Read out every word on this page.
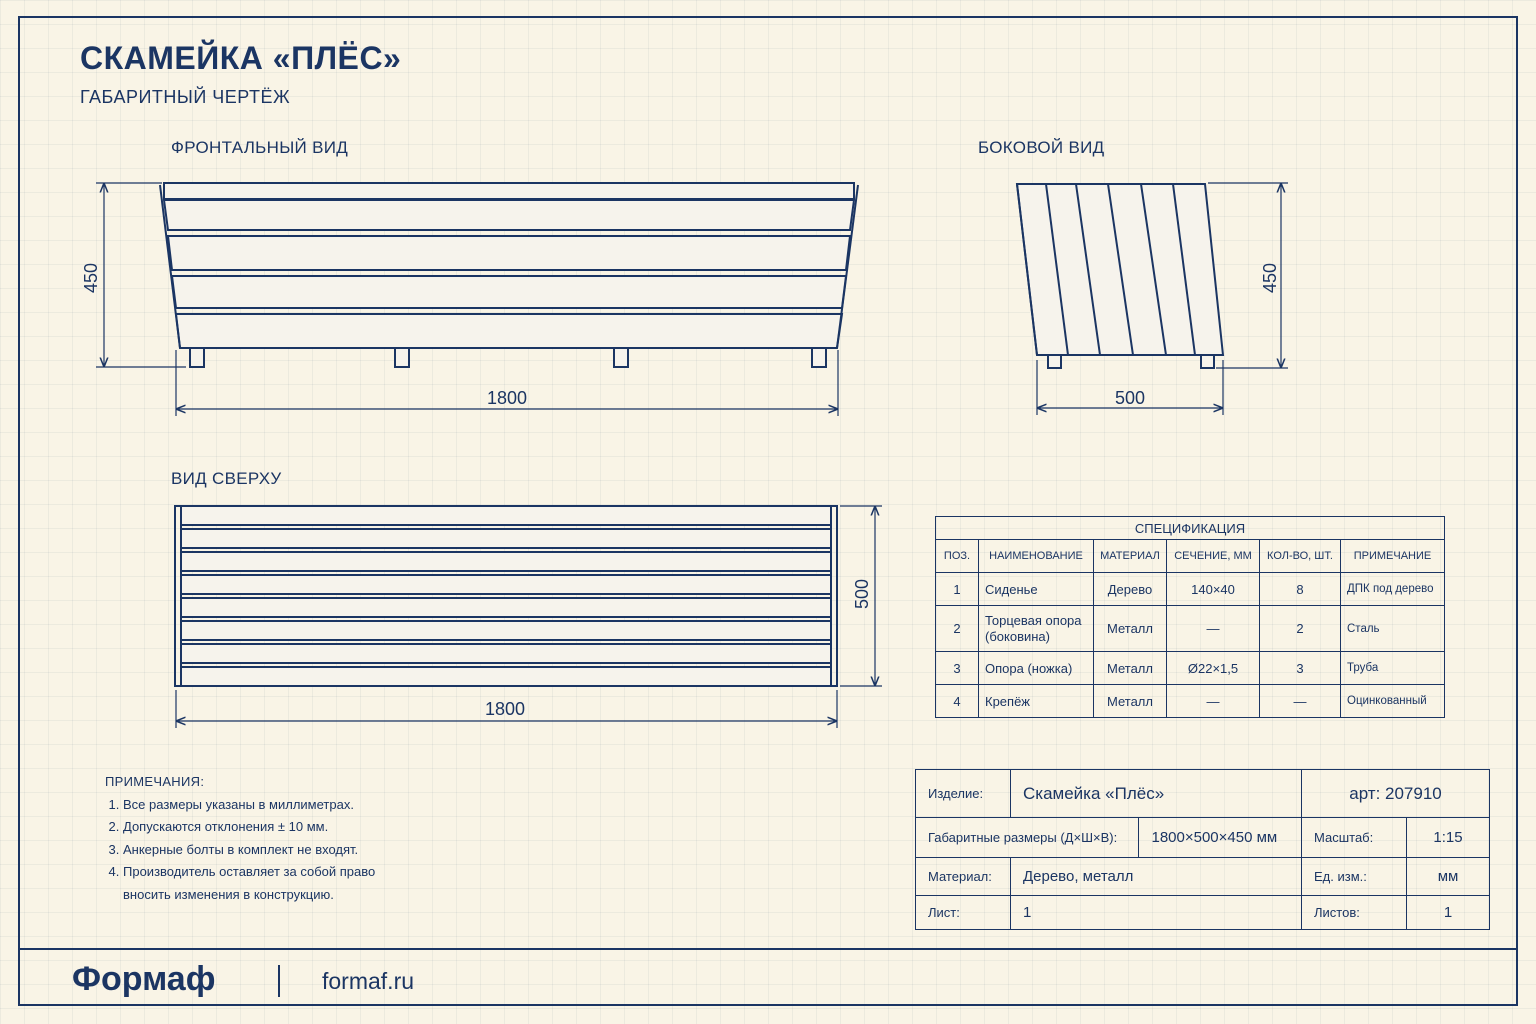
СКАМЕЙКА «ПЛЁС»
ГАБАРИТНЫЙ ЧЕРТЁЖ
ФРОНТАЛЬНЫЙ ВИД	БОКОВОЙ ВИД
ВИД СВЕРХУ
450
1800
450
500
500
1800
СПЕЦИФИКАЦИЯ					
ПОЗ.	НАИМЕНОВАНИЕ	МАТЕРИАЛ	СЕЧЕНИЕ, ММ	КОЛ-ВО, ШТ.	ПРИМЕЧАНИЕ
1	Сиденье	Дерево	140×40	8	ДПК под дерево
2	Торцевая опора (боковина)	Металл	—	2	Сталь
3	Опора (ножка)	Металл	Ø22×1,5	3	Труба
4	Крепёж	Металл	—	—	Оцинкованный
Изделие:	Скамейка «Плёс»		арт: 207910	
Габаритные размеры (Д×Ш×В):		1800×500×450 мм	Масштаб:	1:15
Материал:	Дерево, металл		Ед. изм.:	мм
Лист:	1		Листов:	1
ПРИМЕЧАНИЯ:
1. Все размеры указаны в миллиметрах.
2. Допускаются отклонения ± 10 мм.
3. Анкерные болты в комплект не входят.
4. Производитель оставляет за собой право вносить изменения в конструкцию.
Формаф	formaf.ru
